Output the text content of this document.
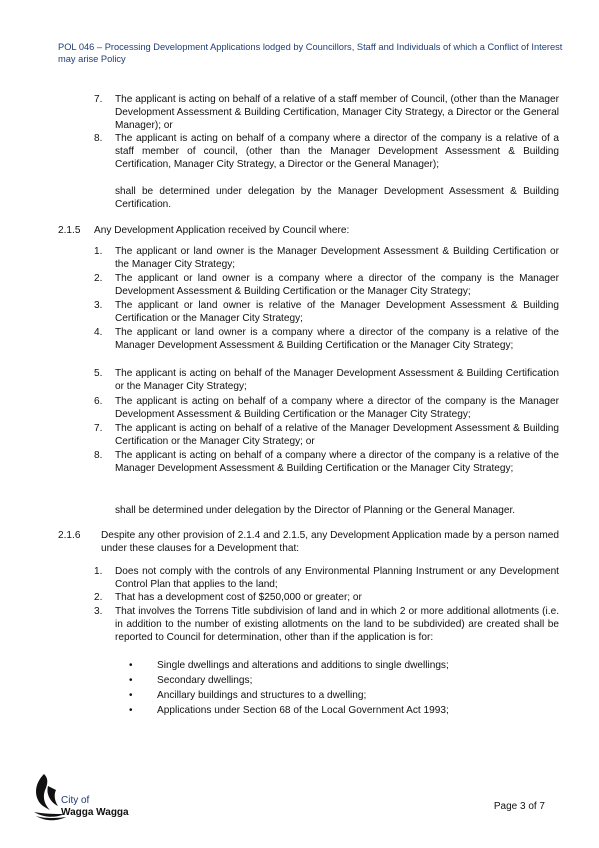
POL 046 – Processing Development Applications lodged by Councillors, Staff and Individuals of which a Conflict of Interest may arise Policy
7. The applicant is acting on behalf of a relative of a staff member of Council, (other than the Manager Development Assessment & Building Certification, Manager City Strategy, a Director or the General Manager); or
8. The applicant is acting on behalf of a company where a director of the company is a relative of a staff member of council, (other than the Manager Development Assessment & Building Certification, Manager City Strategy, a Director or the General Manager);
shall be determined under delegation by the Manager Development Assessment & Building Certification.
2.1.5 Any Development Application received by Council where:
1. The applicant or land owner is the Manager Development Assessment & Building Certification or the Manager City Strategy;
2. The applicant or land owner is a company where a director of the company is the Manager Development Assessment & Building Certification or the Manager City Strategy;
3. The applicant or land owner is relative of the Manager Development Assessment & Building Certification or the Manager City Strategy;
4. The applicant or land owner is a company where a director of the company is a relative of the Manager Development Assessment & Building Certification or the Manager City Strategy;
5. The applicant is acting on behalf of the Manager Development Assessment & Building Certification or the Manager City Strategy;
6. The applicant is acting on behalf of a company where a director of the company is the Manager Development Assessment & Building Certification or the Manager City Strategy;
7. The applicant is acting on behalf of a relative of the Manager Development Assessment & Building Certification or the Manager City Strategy; or
8. The applicant is acting on behalf of a company where a director of the company is a relative of the Manager Development Assessment & Building Certification or the Manager City Strategy;
shall be determined under delegation by the Director of Planning or the General Manager.
2.1.6 Despite any other provision of 2.1.4 and 2.1.5, any Development Application made by a person named under these clauses for a Development that:
1. Does not comply with the controls of any Environmental Planning Instrument or any Development Control Plan that applies to the land;
2. That has a development cost of $250,000 or greater; or
3. That involves the Torrens Title subdivision of land and in which 2 or more additional allotments (i.e. in addition to the number of existing allotments on the land to be subdivided) are created shall be reported to Council for determination, other than if the application is for:
• Single dwellings and alterations and additions to single dwellings;
• Secondary dwellings;
• Ancillary buildings and structures to a dwelling;
• Applications under Section 68 of the Local Government Act 1993;
City of
Wagga Wagga	Page 3 of 7
